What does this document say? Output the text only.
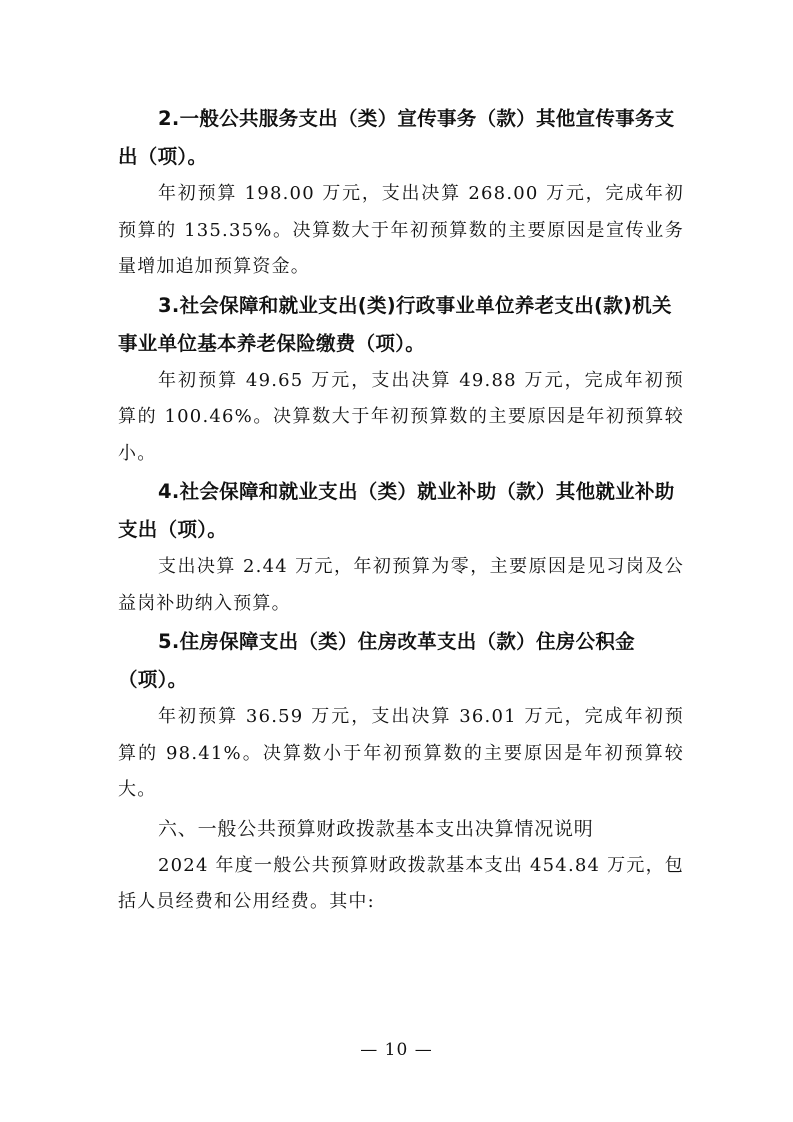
2.一般公共服务支出（类）宣传事务（款）其他宣传事务支出（项）。

年初预算 198.00 万元，支出决算 268.00 万元，完成年初预算的 135.35%。决算数大于年初预算数的主要原因是宣传业务量增加追加预算资金。

3.社会保障和就业支出(类)行政事业单位养老支出(款)机关事业单位基本养老保险缴费（项）。

年初预算 49.65 万元，支出决算 49.88 万元，完成年初预算的 100.46%。决算数大于年初预算数的主要原因是年初预算较小。

4.社会保障和就业支出（类）就业补助（款）其他就业补助支出（项）。

支出决算 2.44 万元，年初预算为零，主要原因是见习岗及公益岗补助纳入预算。

5.住房保障支出（类）住房改革支出（款）住房公积金（项）。

年初预算 36.59 万元，支出决算 36.01 万元，完成年初预算的 98.41%。决算数小于年初预算数的主要原因是年初预算较大。

六、一般公共预算财政拨款基本支出决算情况说明

2024 年度一般公共预算财政拨款基本支出 454.84 万元，包括人员经费和公用经费。其中:

— 10 —
